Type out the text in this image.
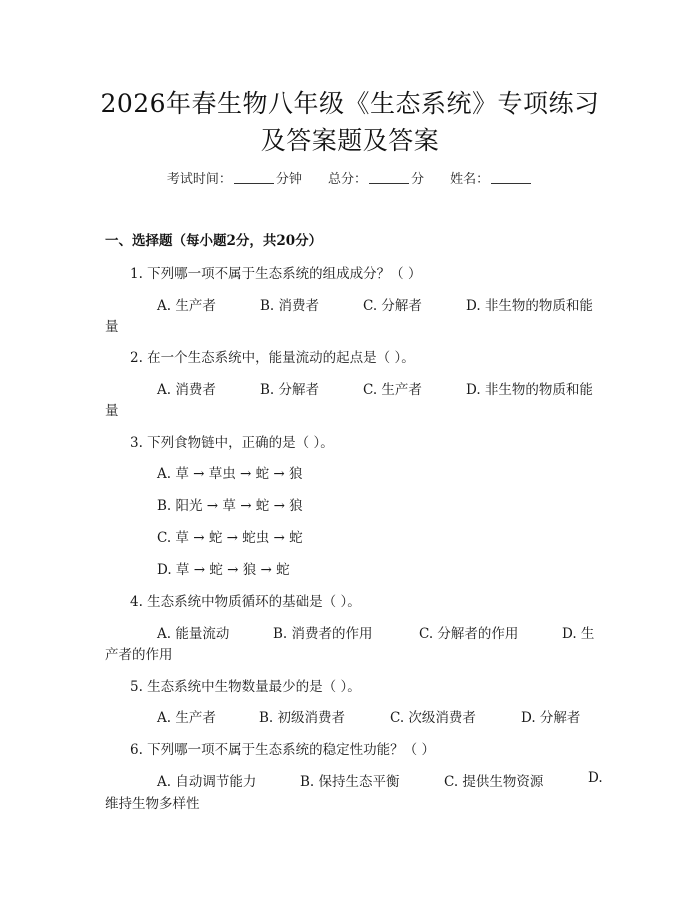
2026年春生物八年级《生态系统》专项练习
及答案题及答案
考试时间：	分钟 总分：	分 姓名：
一、选择题（每小题2分，共20分）
1. 下列哪一项不属于生态系统的组成成分？（ ）
A. 生产者	B. 消费者	C. 分解者	D. 非生物的物质和能
量
2. 在一个生态系统中，能量流动的起点是（ ）。
A. 消费者	B. 分解者	C. 生产者	D. 非生物的物质和能
量
3. 下列食物链中，正确的是（ ）。
A. 草 → 草虫 → 蛇 → 狼
B. 阳光 → 草 → 蛇 → 狼
C. 草 → 蛇 → 蛇虫 → 蛇
D. 草 → 蛇 → 狼 → 蛇
4. 生态系统中物质循环的基础是（ ）。
A. 能量流动	B. 消费者的作用	C. 分解者的作用	D. 生
产者的作用
5. 生态系统中生物数量最少的是（ ）。
A. 生产者	B. 初级消费者	C. 次级消费者	D. 分解者
6. 下列哪一项不属于生态系统的稳定性功能？（ ）
A. 自动调节能力	B. 保持生态平衡	C. 提供生物资源	D.
维持生物多样性
